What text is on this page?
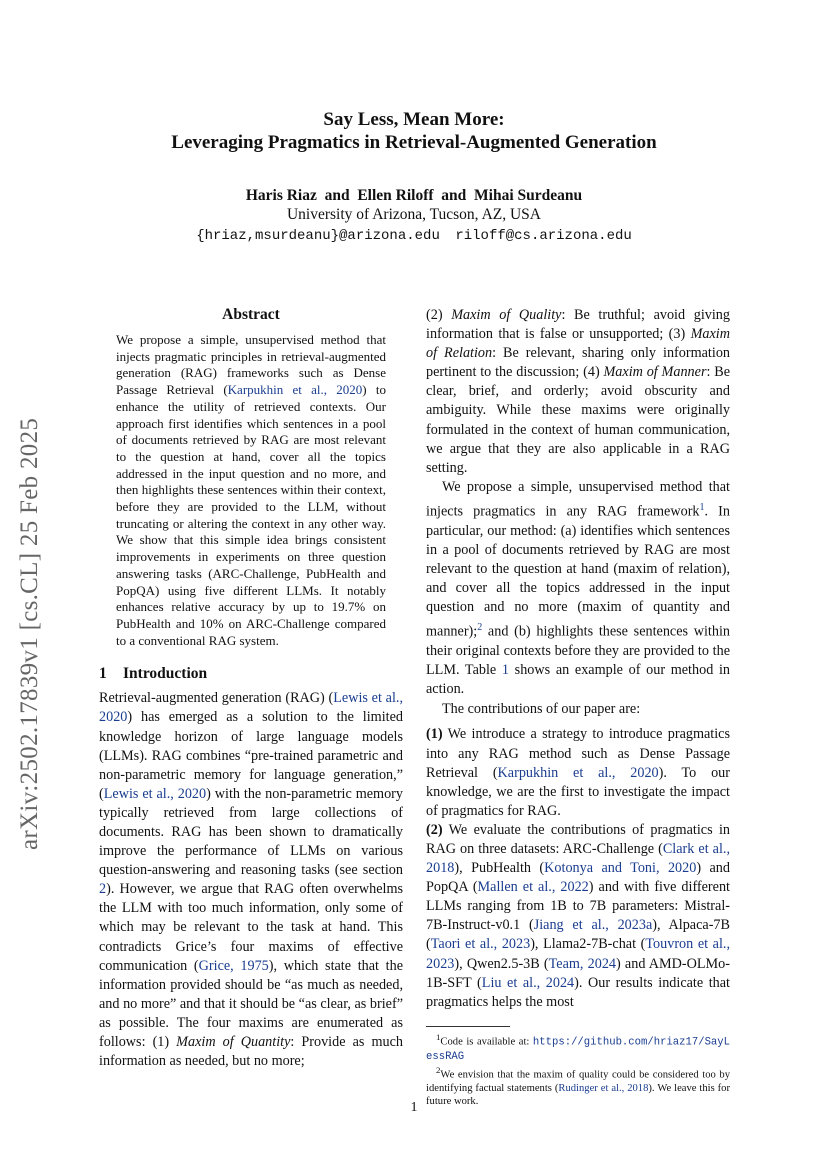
arXiv:2502.17839v1 [cs.CL] 25 Feb 2025
Say Less, Mean More:
Leveraging Pragmatics in Retrieval-Augmented Generation
Haris Riaz  and  Ellen Riloff  and  Mihai Surdeanu
University of Arizona, Tucson, AZ, USA
{hriaz,msurdeanu}@arizona.edu riloff@cs.arizona.edu
Abstract

We propose a simple, unsupervised method that injects pragmatic principles in retrieval-augmented generation (RAG) frameworks such as Dense Passage Retrieval (Karpukhin et al., 2020) to enhance the utility of retrieved contexts. Our approach first identifies which sentences in a pool of documents retrieved by RAG are most relevant to the question at hand, cover all the topics addressed in the input question and no more, and then highlights these sentences within their context, before they are provided to the LLM, without truncating or altering the context in any other way. We show that this simple idea brings consistent improvements in experiments on three question answering tasks (ARC-Challenge, PubHealth and PopQA) using five different LLMs. It notably enhances relative accuracy by up to 19.7% on PubHealth and 10% on ARC-Challenge compared to a conventional RAG system.

1 Introduction

Retrieval-augmented generation (RAG) (Lewis et al., 2020) has emerged as a solution to the limited knowledge horizon of large language models (LLMs). RAG combines “pre-trained parametric and non-parametric memory for language generation,” (Lewis et al., 2020) with the non-parametric memory typically retrieved from large collections of documents. RAG has been shown to dramatically improve the performance of LLMs on various question-answering and reasoning tasks (see section 2). However, we argue that RAG often overwhelms the LLM with too much information, only some of which may be relevant to the task at hand. This contradicts Grice’s four maxims of effective communication (Grice, 1975), which state that the information provided should be “as much as needed, and no more” and that it should be “as clear, as brief” as possible. The four maxims are enumerated as follows: (1) Maxim of Quantity: Provide as much information as needed, but no more;

(2) Maxim of Quality: Be truthful; avoid giving information that is false or unsupported; (3) Maxim of Relation: Be relevant, sharing only information pertinent to the discussion; (4) Maxim of Manner: Be clear, brief, and orderly; avoid obscurity and ambiguity. While these maxims were originally formulated in the context of human communication, we argue that they are also applicable in a RAG setting.

We propose a simple, unsupervised method that injects pragmatics in any RAG framework$^1$. In particular, our method: (a) identifies which sentences in a pool of documents retrieved by RAG are most relevant to the question at hand (maxim of relation), and cover all the topics addressed in the input question and no more (maxim of quantity and manner);$^2$ and (b) highlights these sentences within their original contexts before they are provided to the LLM. Table 1 shows an example of our method in action.

The contributions of our paper are:

(1) We introduce a strategy to introduce pragmatics into any RAG method such as Dense Passage Retrieval (Karpukhin et al., 2020). To our knowledge, we are the first to investigate the impact of pragmatics for RAG.

(2) We evaluate the contributions of pragmatics in RAG on three datasets: ARC-Challenge (Clark et al., 2018), PubHealth (Kotonya and Toni, 2020) and PopQA (Mallen et al., 2022) and with five different LLMs ranging from 1B to 7B parameters: Mistral-7B-Instruct-v0.1 (Jiang et al., 2023a), Alpaca-7B (Taori et al., 2023), Llama2-7B-chat (Touvron et al., 2023), Qwen2.5-3B (Team, 2024) and AMD-OLMo-1B-SFT (Liu et al., 2024). Our results indicate that pragmatics helps the most

$^1$Code is available at: https://github.com/hriaz17/SayLessRAG

$^2$We envision that the maxim of quality could be considered too by identifying factual statements (Rudinger et al., 2018). We leave this for future work.

1
